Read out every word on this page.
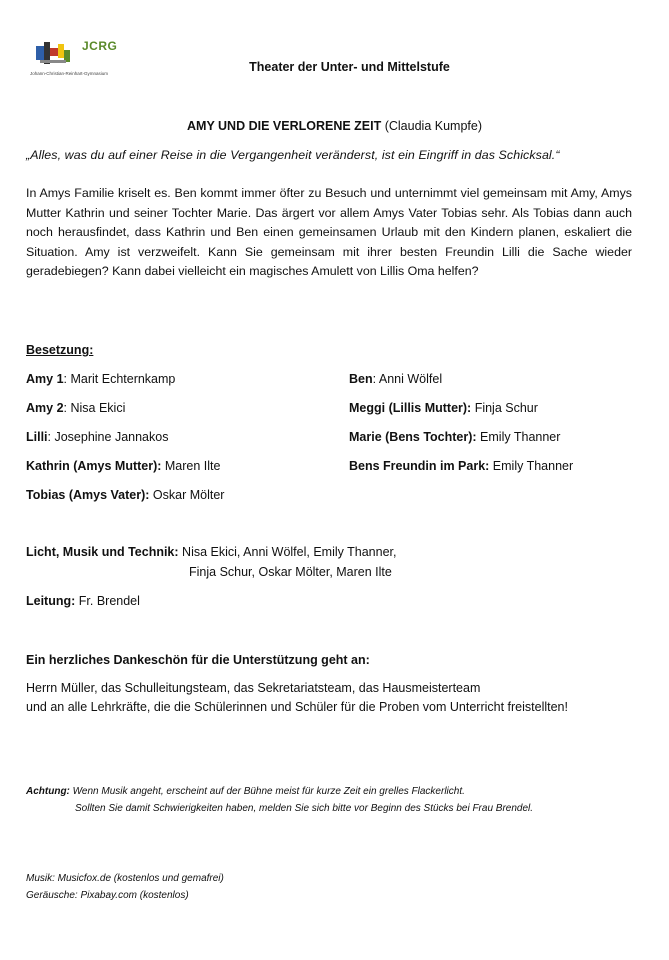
JCRG
Johann-Christian-Reinhart-Gymnasium	Theater der Unter- und Mittelstufe
AMY UND DIE VERLORENE ZEIT (Claudia Kumpfe)
„Alles, was du auf einer Reise in die Vergangenheit veränderst, ist ein Eingriff in das Schicksal.“
In Amys Familie kriselt es. Ben kommt immer öfter zu Besuch und unternimmt viel gemeinsam mit Amy, Amys Mutter Kathrin und seiner Tochter Marie. Das ärgert vor allem Amys Vater Tobias sehr. Als Tobias dann auch noch herausfindet, dass Kathrin und Ben einen gemeinsamen Urlaub mit den Kindern planen, eskaliert die Situation. Amy ist verzweifelt. Kann Sie gemeinsam mit ihrer besten Freundin Lilli die Sache wieder geradebiegen? Kann dabei vielleicht ein magisches Amulett von Lillis Oma helfen?
Besetzung:
Amy 1: Marit Echternkamp
Amy 2: Nisa Ekici
Lilli: Josephine Jannakos
Kathrin (Amys Mutter): Maren Ilte
Tobias (Amys Vater): Oskar Mölter
Ben: Anni Wölfel
Meggi (Lillis Mutter): Finja Schur
Marie (Bens Tochter): Emily Thanner
Bens Freundin im Park: Emily Thanner
Licht, Musik und Technik: Nisa Ekici, Anni Wölfel, Emily Thanner,
Finja Schur, Oskar Mölter, Maren Ilte
Leitung: Fr. Brendel
Ein herzliches Dankeschön für die Unterstützung geht an:
Herrn Müller, das Schulleitungsteam, das Sekretariatsteam, das Hausmeisterteam
und an alle Lehrkräfte, die die Schülerinnen und Schüler für die Proben vom Unterricht freistellten!
Achtung: Wenn Musik angeht, erscheint auf der Bühne meist für kurze Zeit ein grelles Flackerlicht.
Sollten Sie damit Schwierigkeiten haben, melden Sie sich bitte vor Beginn des Stücks bei Frau Brendel.
Musik: Musicfox.de (kostenlos und gemafrei)
Geräusche: Pixabay.com (kostenlos)
